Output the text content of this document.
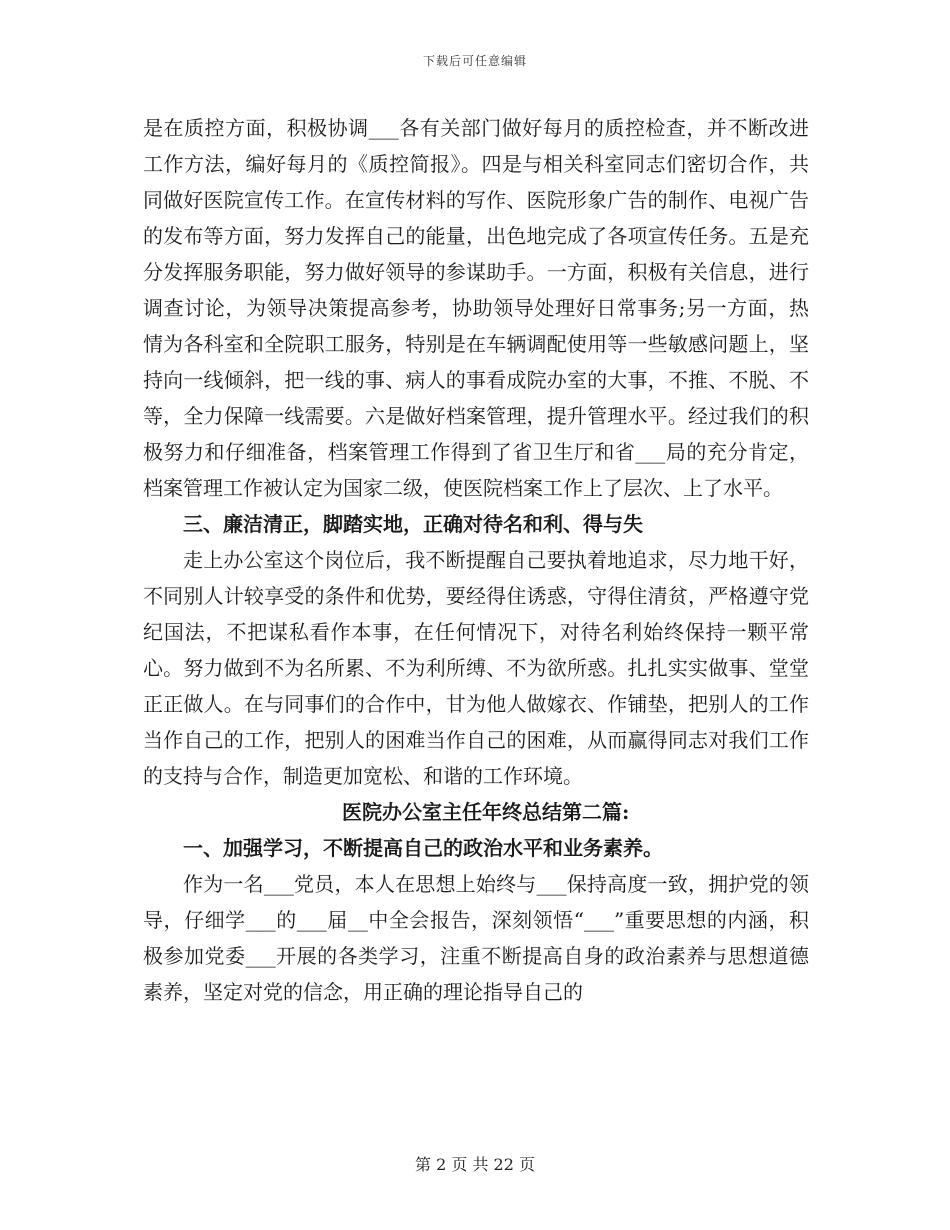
下载后可任意编辑

是在质控方面，积极协调___各有关部门做好每月的质控检查，并不断改进工作方法，编好每月的《质控简报》。四是与相关科室同志们密切合作，共同做好医院宣传工作。在宣传材料的写作、医院形象广告的制作、电视广告的发布等方面，努力发挥自己的能量，出色地完成了各项宣传任务。五是充分发挥服务职能，努力做好领导的参谋助手。一方面，积极有关信息，进行调查讨论，为领导决策提高参考，协助领导处理好日常事务;另一方面，热情为各科室和全院职工服务，特别是在车辆调配使用等一些敏感问题上，坚持向一线倾斜，把一线的事、病人的事看成院办室的大事，不推、不脱、不等，全力保障一线需要。六是做好档案管理，提升管理水平。经过我们的积极努力和仔细准备，档案管理工作得到了省卫生厅和省___局的充分肯定，档案管理工作被认定为国家二级，使医院档案工作上了层次、上了水平。

三、廉洁清正，脚踏实地，正确对待名和利、得与失

走上办公室这个岗位后，我不断提醒自己要执着地追求，尽力地干好，不同别人计较享受的条件和优势，要经得住诱惑，守得住清贫，严格遵守党纪国法，不把谋私看作本事，在任何情况下，对待名利始终保持一颗平常心。努力做到不为名所累、不为利所缚、不为欲所惑。扎扎实实做事、堂堂正正做人。在与同事们的合作中，甘为他人做嫁衣、作铺垫，把别人的工作当作自己的工作，把别人的困难当作自己的困难，从而赢得同志对我们工作的支持与合作，制造更加宽松、和谐的工作环境。

医院办公室主任年终总结第二篇:

一、加强学习，不断提高自己的政治水平和业务素养。

作为一名___党员，本人在思想上始终与___保持高度一致，拥护党的领导，仔细学___的___届__中全会报告，深刻领悟“___”重要思想的内涵，积极参加党委___开展的各类学习，注重不断提高自身的政治素养与思想道德素养，坚定对党的信念，用正确的理论指导自己的

第 2 页 共 22 页
